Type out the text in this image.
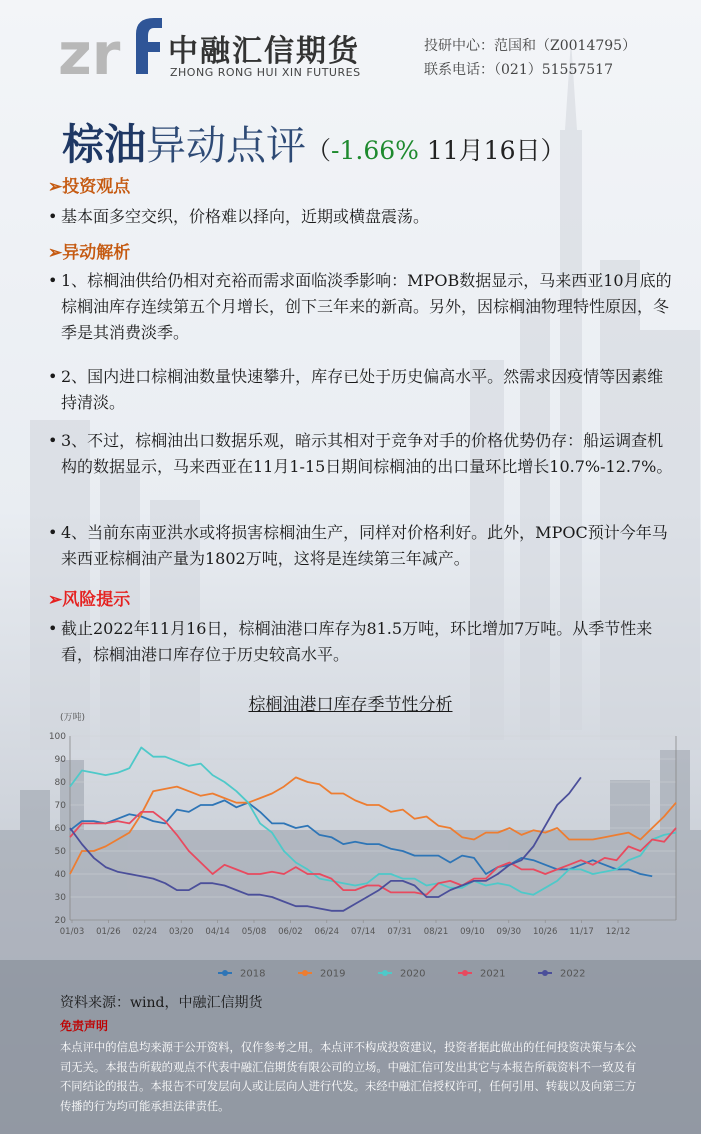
zr 中融汇信期货
ZHONG RONG HUI XIN FUTURES
投研中心：范国和（Z0014795）
联系电话：（021）51557517
棕油异动点评（-1.66% 11月16日）
➢投资观点
• 基本面多空交织，价格难以择向，近期或横盘震荡。
➢异动解析
• 1、棕榈油供给仍相对充裕而需求面临淡季影响：MPOB数据显示，马来西亚10月底的棕榈油库存连续第五个月增长，创下三年来的新高。另外，因棕榈油物理特性原因，冬季是其消费淡季。
• 2、国内进口棕榈油数量快速攀升，库存已处于历史偏高水平。然需求因疫情等因素维持清淡。
• 3、不过，棕榈油出口数据乐观，暗示其相对于竞争对手的价格优势仍存：船运调查机构的数据显示，马来西亚在11月1-15日期间棕榈油的出口量环比增长10.7%-12.7%。
• 4、当前东南亚洪水或将损害棕榈油生产，同样对价格利好。此外，MPOC预计今年马来西亚棕榈油产量为1802万吨，这将是连续第三年减产。
➢风险提示
• 截止2022年11月16日，棕榈油港口库存为81.5万吨，环比增加7万吨。从季节性来看，棕榈油港口库存位于历史较高水平。
棕榈油港口库存季节性分析
(万吨)
20
30
40
50
60
70
80
90
100
01/03 01/26 02/24 03/20 04/14 05/08 06/02 06/24 07/14 07/31 08/21 09/10 09/30 10/26 11/17 12/12
2018	2019	2020	2021	2022
资料来源：wind，中融汇信期货
免责声明
本点评中的信息均来源于公开资料，仅作参考之用。本点评不构成投资建议，投资者据此做出的任何投资决策与本公司无关。本报告所载的观点不代表中融汇信期货有限公司的立场。中融汇信可发出其它与本报告所载资料不一致及有不同结论的报告。本报告不可发层向人或让层向人进行代发。未经中融汇信授权许可，任何引用、转载以及向第三方传播的行为均可能承担法律责任。
